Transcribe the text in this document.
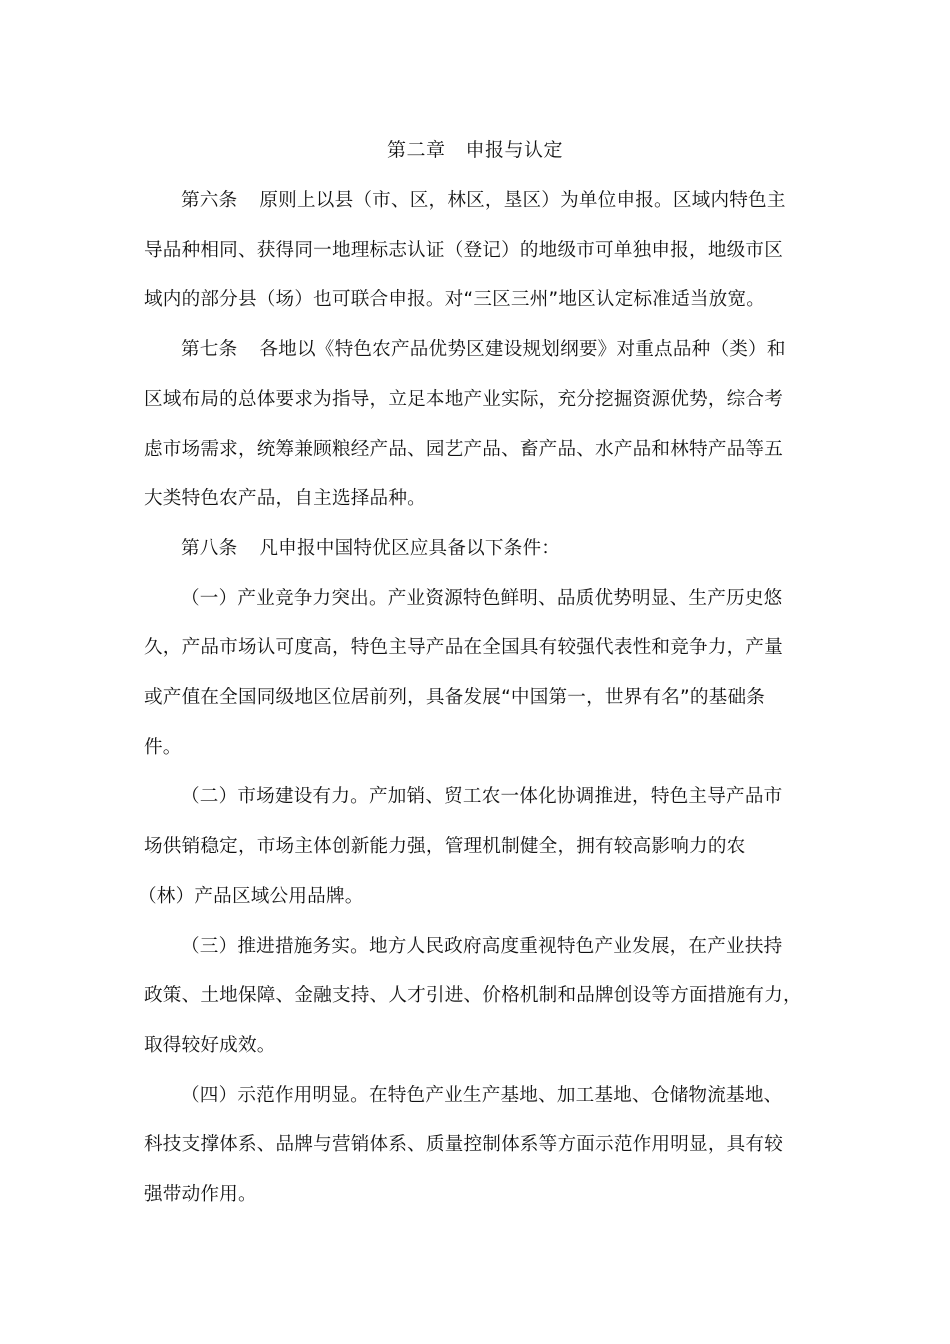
第二章 申报与认定
第六条 原则上以县（市、区，林区，垦区）为单位申报。区域内特色主
导品种相同、获得同一地理标志认证（登记）的地级市可单独申报，地级市区
域内的部分县（场）也可联合申报。对“三区三州”地区认定标准适当放宽。
第七条 各地以《特色农产品优势区建设规划纲要》对重点品种（类）和
区域布局的总体要求为指导，立足本地产业实际，充分挖掘资源优势，综合考
虑市场需求，统筹兼顾粮经产品、园艺产品、畜产品、水产品和林特产品等五
大类特色农产品，自主选择品种。
第八条 凡申报中国特优区应具备以下条件：
（一）产业竞争力突出。产业资源特色鲜明、品质优势明显、生产历史悠
久，产品市场认可度高，特色主导产品在全国具有较强代表性和竞争力，产量
或产值在全国同级地区位居前列，具备发展“中国第一，世界有名”的基础条
件。
（二）市场建设有力。产加销、贸工农一体化协调推进，特色主导产品市
场供销稳定，市场主体创新能力强，管理机制健全，拥有较高影响力的农
（林）产品区域公用品牌。
（三）推进措施务实。地方人民政府高度重视特色产业发展，在产业扶持
政策、土地保障、金融支持、人才引进、价格机制和品牌创设等方面措施有力，
取得较好成效。
（四）示范作用明显。在特色产业生产基地、加工基地、仓储物流基地、
科技支撑体系、品牌与营销体系、质量控制体系等方面示范作用明显，具有较
强带动作用。
